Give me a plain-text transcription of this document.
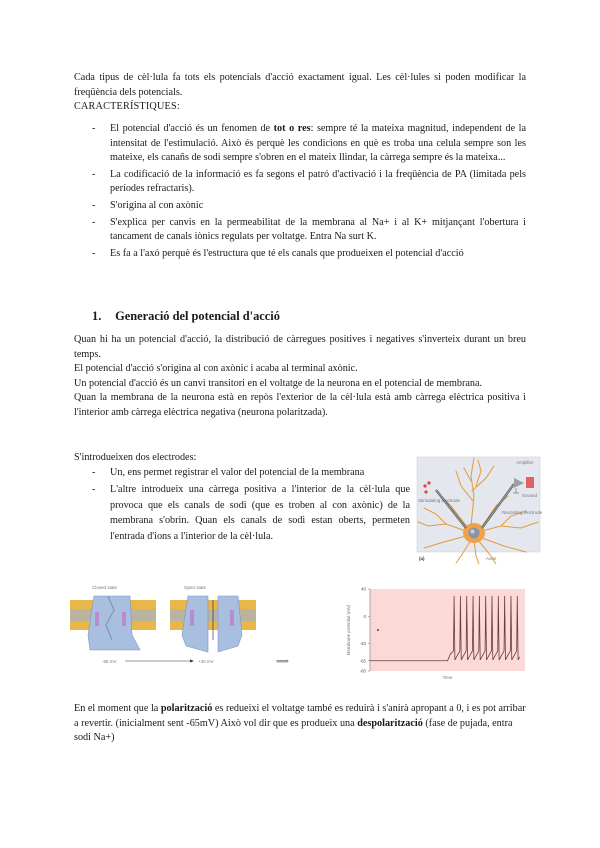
Cada tipus de cèl·lula fa tots els potencials d'acció exactament igual. Les cèl·lules si poden modificar la freqüència dels potencials.

CARACTERÍSTIQUES:

- El potencial d'acció és un fenomen de tot o res: sempre té la mateixa magnitud, independent de la intensitat de l'estimulació. Això és perquè les condicions en què es troba una celula sempre son les mateixe, els canañs de sodi sempre s'obren en el mateix llindar, la càrrega sempre és la mateixa...
- La codificació de la informació es fa segons el patró d'activació i la freqüència de PA (limitada pels períodes refractaris).
- S'origina al con axònic
- S'explica per canvis en la permeabilitat de la membrana al Na+ i al K+ mitjançant l'obertura i tancament de canals iònics regulats per voltatge. Entra Na surt K.
- Es fa a l'axó perquè és l'estructura que té els canals que produeixen el potencial d'acció
1. Generació del potencial d'acció

Quan hi ha un potencial d'acció, la distribució de càrregues positives i negatives s'inverteix durant un breu temps.

El potencial d'acció s'origina al con axònic i acaba al terminal axònic.

Un potencial d'acció és un canvi transitori en el voltatge de la neurona en el potencial de membrana.

Quan la membrana de la neurona està en repòs l'exterior de la cèl·lula està amb càrrega elèctrica positiva i l'interior amb càrrega elèctrica negativa (neurona polaritzada).

S'introdueixen dos electrodes:

- Un, ens permet registrar el valor del potencial de la membrana
- L'altre introdueix una càrrega positiva a l'interior de la cèl·lula que provoca que els canals de sodi (que es troben al con axònic) de la membrana s'obrin. Quan els canals de sodi estan oberts, permeten l'entrada d'ions a l'interior de la cèl·lula.
Amplifier
Stimulating electrode
Recording electrode
Ground
Axon
(a)
Closed state	Open state
-65 mV	+40 mV	⟹
40
0
-40
-65
-80
Membrane potential (mV)
Time

En el moment que la polarització es redueixi el voltatge també es reduirà i s'anirà apropant a 0, i es pot arribar a revertir. (inicialment sent -65mV) Això vol dir que es produeix una despolarització (fase de pujada, entra sodi Na+)
